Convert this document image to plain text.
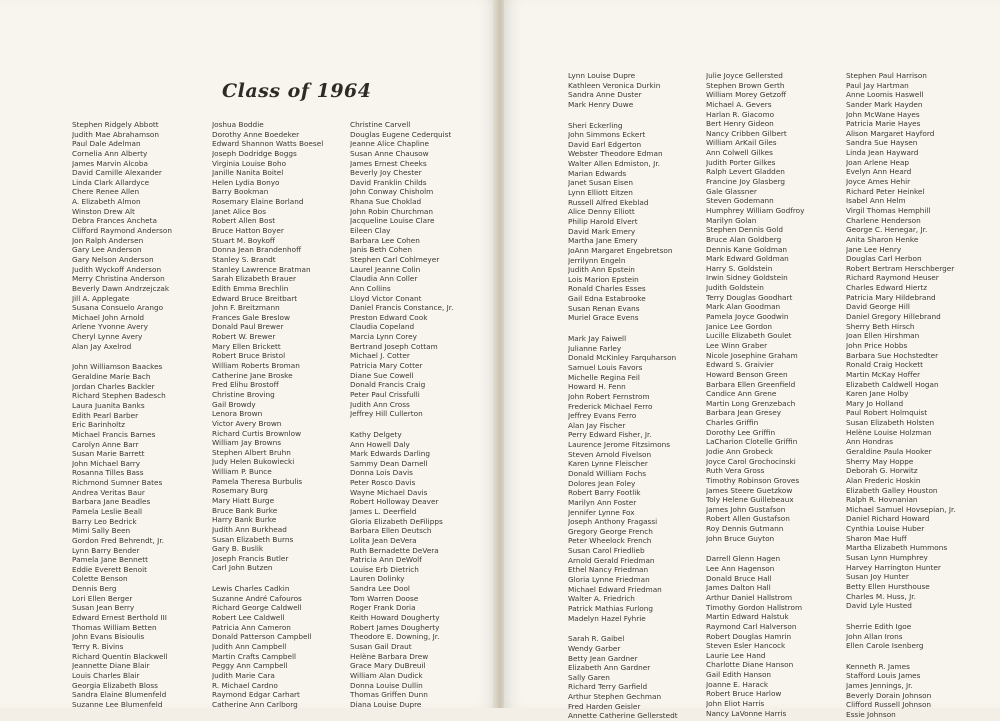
Class of 1964
Stephen Ridgely Abbott
Judith Mae Abrahamson
Paul Dale Adelman
Cornelia Ann Alberty
James Marvin Alcoba
David Camille Alexander
Linda Clark Allardyce
Chere Renee Allen
A. Elizabeth Almon
Winston Drew Alt
Debra Frances Ancheta
Clifford Raymond Anderson
Jon Ralph Andersen
Gary Lee Anderson
Gary Nelson Anderson
Judith Wyckoff Anderson
Merry Christina Anderson
Beverly Dawn Andrzejczak
Jill A. Applegate
Susana Consuelo Arango
Michael John Arnold
Arlene Yvonne Avery
Cheryl Lynne Avery
Alan Jay Axelrod
John Williamson Baackes
Geraldine Marie Bach
Jordan Charles Backler
Richard Stephen Badesch
Laura Juanita Banks
Edith Pearl Barber
Eric Barinholtz
Michael Francis Barnes
Carolyn Anne Barr
Susan Marie Barrett
John Michael Barry
Rosanna Tilles Bass
Richmond Sumner Bates
Andrea Veritas Baur
Barbara Jane Beadles
Pamela Leslie Beall
Barry Leo Bedrick
Mimi Sally Been
Gordon Fred Behrendt, Jr.
Lynn Barry Bender
Pamela Jane Bennett
Eddie Everett Benoit
Colette Benson
Dennis Berg
Lori Ellen Berger
Susan Jean Berry
Edward Ernest Berthold III
Thomas William Betten
John Evans Bisioulis
Terry R. Bivins
Richard Quentin Blackwell
Jeannette Diane Blair
Louis Charles Blair
Georgia Elizabeth Bloss
Sandra Elaine Blumenfeld
Suzanne Lee Blumenfeld
Joshua Boddie
Dorothy Anne Boedeker
Edward Shannon Watts Boesel
Joseph Dodridge Boggs
Virginia Louise Boho
Janille Nanita Boitel
Helen Lydia Bonyo
Barry Bookman
Rosemary Elaine Borland
Janet Alice Bos
Robert Allen Bost
Bruce Hatton Boyer
Stuart M. Boykoff
Donna Jean Brandenhoff
Stanley S. Brandt
Stanley Lawrence Bratman
Sarah Elizabeth Brauer
Edith Emma Brechlin
Edward Bruce Breitbart
John F. Breitzmann
Frances Gale Breslow
Donald Paul Brewer
Robert W. Brewer
Mary Ellen Brickett
Robert Bruce Bristol
William Roberts Broman
Catherine Jane Broske
Fred Elihu Brostoff
Christine Broving
Gail Browdy
Lenora Brown
Victor Avery Brown
Richard Curtis Brownlow
William Jay Browns
Stephen Albert Bruhn
Judy Helen Bukowiecki
William P. Bunce
Pamela Theresa Burbulis
Rosemary Burg
Mary Hiatt Burge
Bruce Bank Burke
Harry Bank Burke
Judith Ann Burkhead
Susan Elizabeth Burns
Gary B. Buslik
Joseph Francis Butler
Carl John Butzen
Lewis Charles Cadkin
Suzanne André Cafouros
Richard George Caldwell
Robert Lee Caldwell
Patricia Ann Cameron
Donald Patterson Campbell
Judith Ann Campbell
Martin Crafts Campbell
Peggy Ann Campbell
Judith Marie Cara
R. Michael Cardno
Raymond Edgar Carhart
Catherine Ann Carlborg
Christine Carvell
Douglas Eugene Cederquist
Jeanne Alice Chapline
Susan Anne Chausow
James Ernest Cheeks
Beverly Joy Chester
David Franklin Childs
John Conway Chisholm
Rhana Sue Choklad
John Robin Churchman
Jacqueline Louise Clare
Eileen Clay
Barbara Lee Cohen
Janis Beth Cohen
Stephen Carl Cohlmeyer
Laurel Jeanne Colin
Claudia Ann Coller
Ann Collins
Lloyd Victor Conant
Daniel Francis Constance, Jr.
Preston Edward Cook
Claudia Copeland
Marcia Lynn Corey
Bertrand Joseph Cottam
Michael J. Cotter
Patricia Mary Cotter
Diane Sue Cowell
Donald Francis Craig
Peter Paul Crissfulli
Judith Ann Cross
Jeffrey Hill Cullerton
Kathy Delgety
Ann Howell Daly
Mark Edwards Darling
Sammy Dean Darnell
Donna Lois Davis
Peter Rosco Davis
Wayne Michael Davis
Robert Holloway Deaver
James L. Deerfield
Gloria Elizabeth DeFilipps
Barbara Ellen Deutsch
Lolita Jean DeVera
Ruth Bernadette DeVera
Patricia Ann DeWolf
Louise Erb Dietrich
Lauren Dolinky
Sandra Lee Dool
Tom Warren Doose
Roger Frank Doria
Keith Howard Dougherty
Robert James Dougherty
Theodore E. Downing, Jr.
Susan Gail Draut
Helène Barbara Drew
Grace Mary DuBreuil
William Alan Dudick
Donna Louise Dullin
Thomas Griffen Dunn
Diana Louise Dupre
Lynn Louise Dupre
Kathleen Veronica Durkin
Sandra Anne Duster
Mark Henry Duwe
Sheri Eckerling
John Simmons Eckert
David Earl Edgerton
Webster Theodore Edman
Walter Allen Edmiston, Jr.
Marian Edwards
Janet Susan Eisen
Lynn Elliott Eitzen
Russell Alfred Ekeblad
Alice Denny Elliott
Philip Harold Elvert
David Mark Emery
Martha Jane Emery
JoAnn Margaret Engebretson
Jerrilynn Engeln
Judith Ann Epstein
Lois Marion Epstein
Ronald Charles Esses
Gail Edna Estabrooke
Susan Renan Evans
Muriel Grace Evens
Mark Jay Faiwell
Julianne Farley
Donald McKinley Farquharson
Samuel Louis Favors
Michelle Regina Feil
Howard H. Fenn
John Robert Fernstrom
Frederick Michael Ferro
Jeffrey Evans Ferro
Alan Jay Fischer
Perry Edward Fisher, Jr.
Laurence Jerome Fitzsimons
Steven Arnold Fivelson
Karen Lynne Fleischer
Donald William Fochs
Dolores Jean Foley
Robert Barry Footlik
Marilyn Ann Foster
Jennifer Lynne Fox
Joseph Anthony Fragassi
Gregory George French
Peter Wheelock French
Susan Carol Friedlieb
Arnold Gerald Friedman
Ethel Nancy Friedman
Gloria Lynne Friedman
Michael Edward Friedman
Walter A. Friedrich
Patrick Mathias Furlong
Madelyn Hazel Fyhrie
Sarah R. Gaibel
Wendy Garber
Betty Jean Gardner
Elizabeth Ann Gardner
Sally Garen
Richard Terry Garfield
Arthur Stephen Gechman
Fred Harden Geisler
Annette Catherine Gellerstedt
Julie Joyce Gellersted
Stephen Brown Gerth
William Morey Getzoff
Michael A. Gevers
Harlan R. Giacomo
Bert Henry Gideon
Nancy Cribben Gilbert
William ArKail Giles
Ann Colwell Gilkes
Judith Porter Gilkes
Ralph Levert Gladden
Francine Joy Glasberg
Gale Glassner
Steven Godemann
Humphrey William Godfroy
Marilyn Golan
Stephen Dennis Gold
Bruce Alan Goldberg
Dennis Kane Goldman
Mark Edward Goldman
Harry S. Goldstein
Irwin Sidney Goldstein
Judith Goldstein
Terry Douglas Goodhart
Mark Alan Goodman
Pamela Joyce Goodwin
Janice Lee Gordon
Lucille Elizabeth Goulet
Lee Winn Graber
Nicole Josephine Graham
Edward S. Graivier
Howard Benson Green
Barbara Ellen Greenfield
Candice Ann Grene
Martin Long Grenzebach
Barbara Jean Gresey
Charles Griffin
Dorothy Lee Griffin
LaCharion Clotelle Griffin
Jodie Ann Grobeck
Joyce Carol Grochocinski
Ruth Vera Gross
Timothy Robinson Groves
James Steere Guetzkow
Toly Helene Guillebeaux
James John Gustafson
Robert Allen Gustafson
Roy Dennis Gutmann
John Bruce Guyton
Darrell Glenn Hagen
Lee Ann Hagenson
Donald Bruce Hall
James Dalton Hall
Arthur Daniel Hallstrom
Timothy Gordon Hallstrom
Martin Edward Halstuk
Raymond Carl Halverson
Robert Douglas Hamrin
Steven Esler Hancock
Laurie Lee Hand
Charlotte Diane Hanson
Gail Edith Hanson
Joanne E. Harack
Robert Bruce Harlow
John Eliot Harris
Nancy LaVonne Harris
Stephen Paul Harrison
Paul Jay Hartman
Anne Loomis Haswell
Sander Mark Hayden
John McWane Hayes
Patricia Marie Hayes
Alison Margaret Hayford
Sandra Sue Haysen
Linda Jean Hayward
Joan Arlene Heap
Evelyn Ann Heard
Joyce Ames Hehir
Richard Peter Heinkel
Isabel Ann Helm
Virgil Thomas Hemphill
Charlene Henderson
George C. Henegar, Jr.
Anita Sharon Henke
Jane Lee Henry
Douglas Carl Herbon
Robert Bertram Herschberger
Richard Raymond Heuser
Charles Edward Hiertz
Patricia Mary Hildebrand
David George Hill
Daniel Gregory Hillebrand
Sherry Beth Hirsch
Joan Ellen Hirshman
John Price Hobbs
Barbara Sue Hochstedter
Ronald Craig Hockett
Martin McKay Hoffer
Elizabeth Caldwell Hogan
Karen Jane Holby
Mary Jo Holland
Paul Robert Holmquist
Susan Elizabeth Holsten
Helène Louise Holzman
Ann Hondras
Geraldine Paula Hooker
Sherry May Hoppe
Deborah G. Horwitz
Alan Frederic Hoskin
Elizabeth Galley Houston
Ralph R. Hovnanian
Michael Samuel Hovsepian, Jr.
Daniel Richard Howard
Cynthia Louise Huber
Sharon Mae Huff
Martha Elizabeth Hummons
Susan Lynn Humphrey
Harvey Harrington Hunter
Susan Joy Hunter
Betty Ellen Hursthouse
Charles M. Huss, Jr.
David Lyle Husted
Sherrie Edith Igoe
John Allan Irons
Ellen Carole Isenberg
Kenneth R. James
Stafford Louis James
James Jennings, Jr.
Beverly Dorain Johnson
Clifford Russell Johnson
Essie Johnson
